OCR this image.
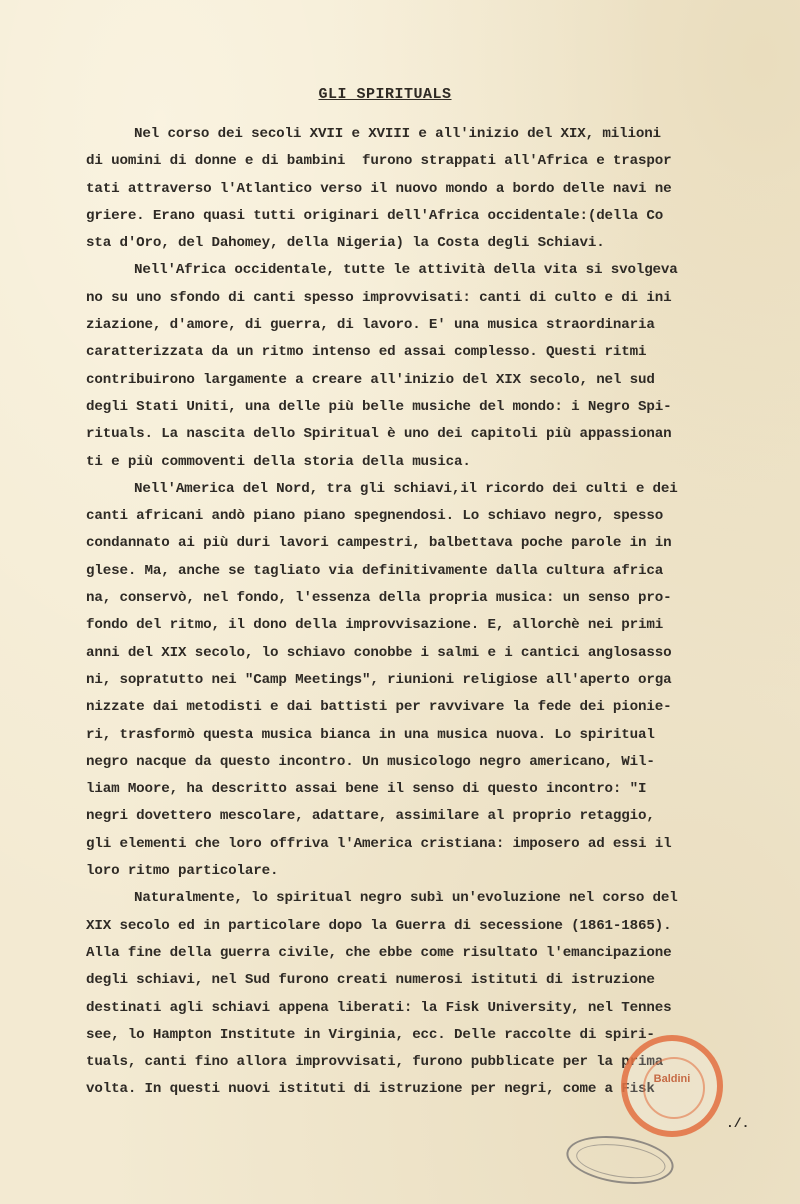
GLI SPIRITUALS
Nel corso dei secoli XVII e XVIII e all'inizio del XIX, milioni
di uomini di donne e di bambini  furono strappati all'Africa e traspor
tati attraverso l'Atlantico verso il nuovo mondo a bordo delle navi ne
griere. Erano quasi tutti originari dell'Africa occidentale:(della Co
sta d'Oro, del Dahomey, della Nigeria) la Costa degli Schiavi.
Nell'Africa occidentale, tutte le attività della vita si svolgeva
no su uno sfondo di canti spesso improvvisati: canti di culto e di ini
ziazione, d'amore, di guerra, di lavoro. E' una musica straordinaria
caratterizzata da un ritmo intenso ed assai complesso. Questi ritmi
contribuirono largamente a creare all'inizio del XIX secolo, nel sud
degli Stati Uniti, una delle più belle musiche del mondo: i Negro Spi-
rituals. La nascita dello Spiritual è uno dei capitoli più appassionan
ti e più commoventi della storia della musica.
Nell'America del Nord, tra gli schiavi,il ricordo dei culti e dei
canti africani andò piano piano spegnendosi. Lo schiavo negro, spesso
condannato ai più duri lavori campestri, balbettava poche parole in in
glese. Ma, anche se tagliato via definitivamente dalla cultura africa
na, conservò, nel fondo, l'essenza della propria musica: un senso pro-
fondo del ritmo, il dono della improvvisazione. E, allorchè nei primi
anni del XIX secolo, lo schiavo conobbe i salmi e i cantici anglosasso
ni, sopratutto nei "Camp Meetings", riunioni religiose all'aperto orga
nizzate dai metodisti e dai battisti per ravvivare la fede dei pionie-
ri, trasformò questa musica bianca in una musica nuova. Lo spiritual
negro nacque da questo incontro. Un musicologo negro americano, Wil-
liam Moore, ha descritto assai bene il senso di questo incontro: "I
negri dovettero mescolare, adattare, assimilare al proprio retaggio,
gli elementi che loro offriva l'America cristiana: imposero ad essi il
loro ritmo particolare.
Naturalmente, lo spiritual negro subì un'evoluzione nel corso del
XIX secolo ed in particolare dopo la Guerra di secessione (1861-1865).
Alla fine della guerra civile, che ebbe come risultato l'emancipazione
degli schiavi, nel Sud furono creati numerosi istituti di istruzione
destinati agli schiavi appena liberati: la Fisk University, nel Tennes
see, lo Hampton Institute in Virginia, ecc. Delle raccolte di spiri-
tuals, canti fino allora improvvisati, furono pubblicate per la prima
volta. In questi nuovi istituti di istruzione per negri, come a Fisk
Baldini
./.
